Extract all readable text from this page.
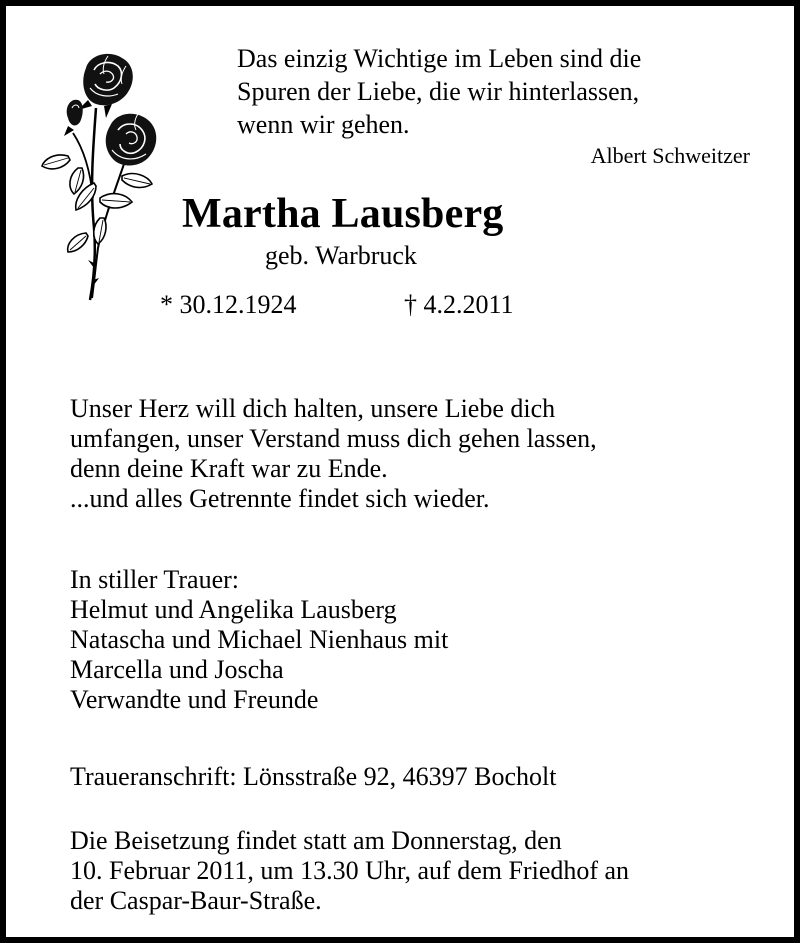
Das einzig Wichtige im Leben sind die
Spuren der Liebe, die wir hinterlassen,
wenn wir gehen.
Albert Schweitzer
Martha Lausberg
geb. Warbruck
* 30.12.1924	† 4.2.2011
Unser Herz will dich halten, unsere Liebe dich
umfangen, unser Verstand muss dich gehen lassen,
denn deine Kraft war zu Ende.
...und alles Getrennte findet sich wieder.
In stiller Trauer:
Helmut und Angelika Lausberg
Natascha und Michael Nienhaus mit
Marcella und Joscha
Verwandte und Freunde
Traueranschrift: Lönsstraße 92, 46397 Bocholt
Die Beisetzung findet statt am Donnerstag, den
10. Februar 2011, um 13.30 Uhr, auf dem Friedhof an
der Caspar-Baur-Straße.
